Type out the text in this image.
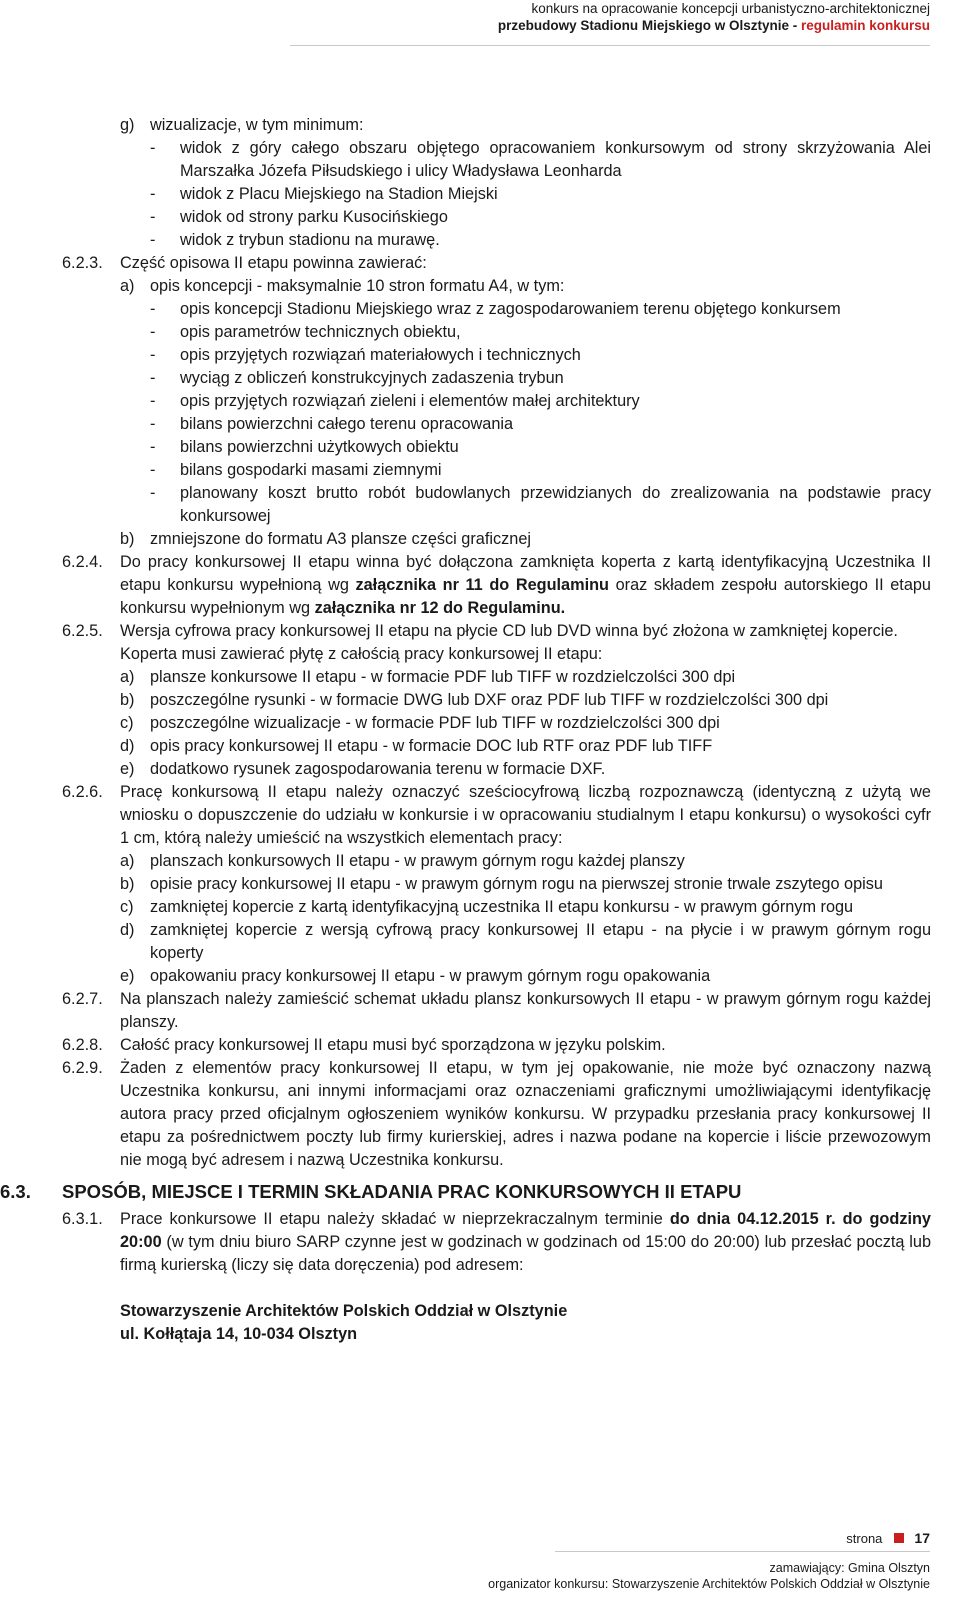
konkurs na opracowanie koncepcji urbanistyczno-architektonicznej
przebudowy Stadionu Miejskiego w Olsztynie - regulamin konkursu
g) wizualizacje, w tym minimum:
- widok z góry całego obszaru objętego opracowaniem konkursowym od strony skrzyżowania Alei Marszałka Józefa Piłsudskiego i ulicy Władysława Leonharda
- widok z Placu Miejskiego na Stadion Miejski
- widok od strony parku Kusocińskiego
- widok z trybun stadionu na murawę.
6.2.3. Część opisowa II etapu powinna zawierać:
a) opis koncepcji - maksymalnie 10 stron formatu A4, w tym:
- opis koncepcji Stadionu Miejskiego wraz z zagospodarowaniem terenu objętego konkursem
- opis parametrów technicznych obiektu,
- opis przyjętych rozwiązań materiałowych i technicznych
- wyciąg z obliczeń konstrukcyjnych zadaszenia trybun
- opis przyjętych rozwiązań zieleni i elementów małej architektury
- bilans powierzchni całego terenu opracowania
- bilans powierzchni użytkowych obiektu
- bilans gospodarki masami ziemnymi
- planowany koszt brutto robót budowlanych przewidzianych do zrealizowania na podstawie pracy konkursowej
b) zmniejszone do formatu A3 plansze części graficznej
6.2.4. Do pracy konkursowej II etapu winna być dołączona zamknięta koperta z kartą identyfikacyjną Uczestnika II etapu konkursu wypełnioną wg załącznika nr 11 do Regulaminu oraz składem zespołu autorskiego II etapu konkursu wypełnionym wg załącznika nr 12 do Regulaminu.
6.2.5. Wersja cyfrowa pracy konkursowej II etapu na płycie CD lub DVD winna być złożona w zamkniętej kopercie.
Koperta musi zawierać płytę z całością pracy konkursowej II etapu:
a) plansze konkursowe II etapu - w formacie PDF lub TIFF w rozdzielczolści 300 dpi
b) poszczególne rysunki - w formacie DWG lub DXF oraz PDF lub TIFF w rozdzielczolści 300 dpi
c) poszczególne wizualizacje - w formacie PDF lub TIFF w rozdzielczolści 300 dpi
d) opis pracy konkursowej II etapu - w formacie DOC lub RTF oraz PDF lub TIFF
e) dodatkowo rysunek zagospodarowania terenu w formacie DXF.
6.2.6. Pracę konkursową II etapu należy oznaczyć sześciocyfrową liczbą rozpoznawczą (identyczną z użytą we wniosku o dopuszczenie do udziału w konkursie i w opracowaniu studialnym I etapu konkursu) o wysokości cyfr 1 cm, którą należy umieścić na wszystkich elementach pracy:
a) planszach konkursowych II etapu - w prawym górnym rogu każdej planszy
b) opisie pracy konkursowej II etapu - w prawym górnym rogu na pierwszej stronie trwale zszytego opisu
c) zamkniętej kopercie z kartą identyfikacyjną uczestnika II etapu konkursu - w prawym górnym rogu
d) zamkniętej kopercie z wersją cyfrową pracy konkursowej II etapu - na płycie i w prawym górnym rogu koperty
e) opakowaniu pracy konkursowej II etapu - w prawym górnym rogu opakowania
6.2.7. Na planszach należy zamieścić schemat układu plansz konkursowych II etapu - w prawym górnym rogu każdej planszy.
6.2.8. Całość pracy konkursowej II etapu musi być sporządzona w języku polskim.
6.2.9. Żaden z elementów pracy konkursowej II etapu, w tym jej opakowanie, nie może być oznaczony nazwą Uczestnika konkursu, ani innymi informacjami oraz oznaczeniami graficznymi umożliwiającymi identyfikację autora pracy przed oficjalnym ogłoszeniem wyników konkursu. W przypadku przesłania pracy konkursowej II etapu za pośrednictwem poczty lub firmy kurierskiej, adres i nazwa podane na kopercie i liście przewozowym nie mogą być adresem i nazwą Uczestnika konkursu.
6.3. SPOSÓB, MIEJSCE I TERMIN SKŁADANIA PRAC KONKURSOWYCH II ETAPU
6.3.1. Prace konkursowe II etapu należy składać w nieprzekraczalnym terminie do dnia 04.12.2015 r. do godziny 20:00 (w tym dniu biuro SARP czynne jest w godzinach w godzinach od 15:00 do 20:00) lub przesłać pocztą lub firmą kurierską (liczy się data doręczenia) pod adresem:
Stowarzyszenie Architektów Polskich Oddział w Olsztynie
ul. Kołłątaja 14, 10-034 Olsztyn
strona 17
zamawiający: Gmina Olsztyn
organizator konkursu: Stowarzyszenie Architektów Polskich Oddział w Olsztynie
